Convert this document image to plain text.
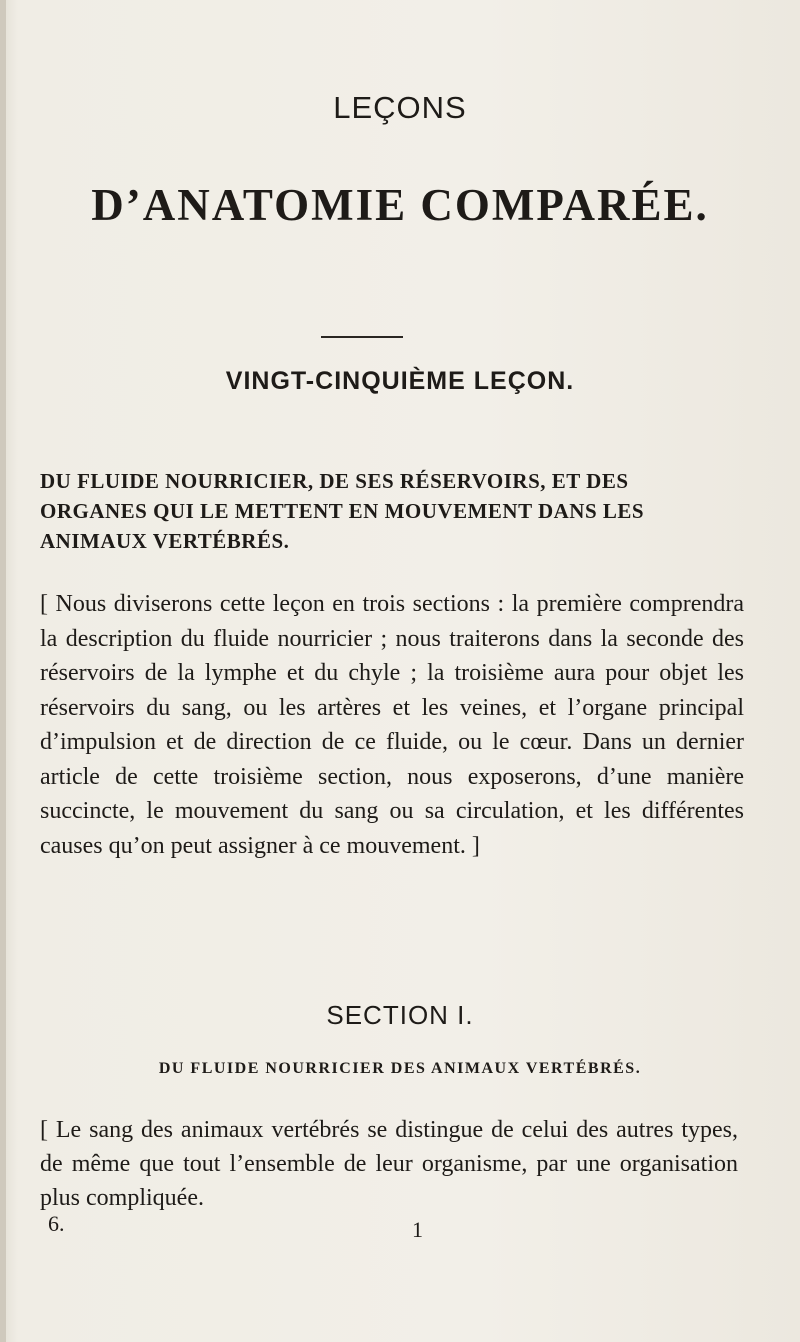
LEÇONS
D’ANATOMIE COMPARÉE.
VINGT-CINQUIÈME LEÇON.
DU FLUIDE NOURRICIER, DE SES RÉSERVOIRS, ET DES ORGANES QUI LE METTENT EN MOUVEMENT DANS LES ANIMAUX VERTÉBRÉS.
[ Nous diviserons cette leçon en trois sections : la première comprendra la description du fluide nourricier ; nous traiterons dans la seconde des réservoirs de la lymphe et du chyle ; la troisième aura pour objet les réservoirs du sang, ou les artères et les veines, et l’organe principal d’impulsion et de direction de ce fluide, ou le cœur. Dans un dernier article de cette troisième section, nous exposerons, d’une manière succincte, le mouvement du sang ou sa circulation, et les différentes causes qu’on peut assigner à ce mouvement. ]
SECTION I.
DU FLUIDE NOURRICIER DES ANIMAUX VERTÉBRÉS.
[ Le sang des animaux vertébrés se distingue de celui des autres types, de même que tout l’ensemble de leur organisme, par une organisation plus compliquée.
6.	1
